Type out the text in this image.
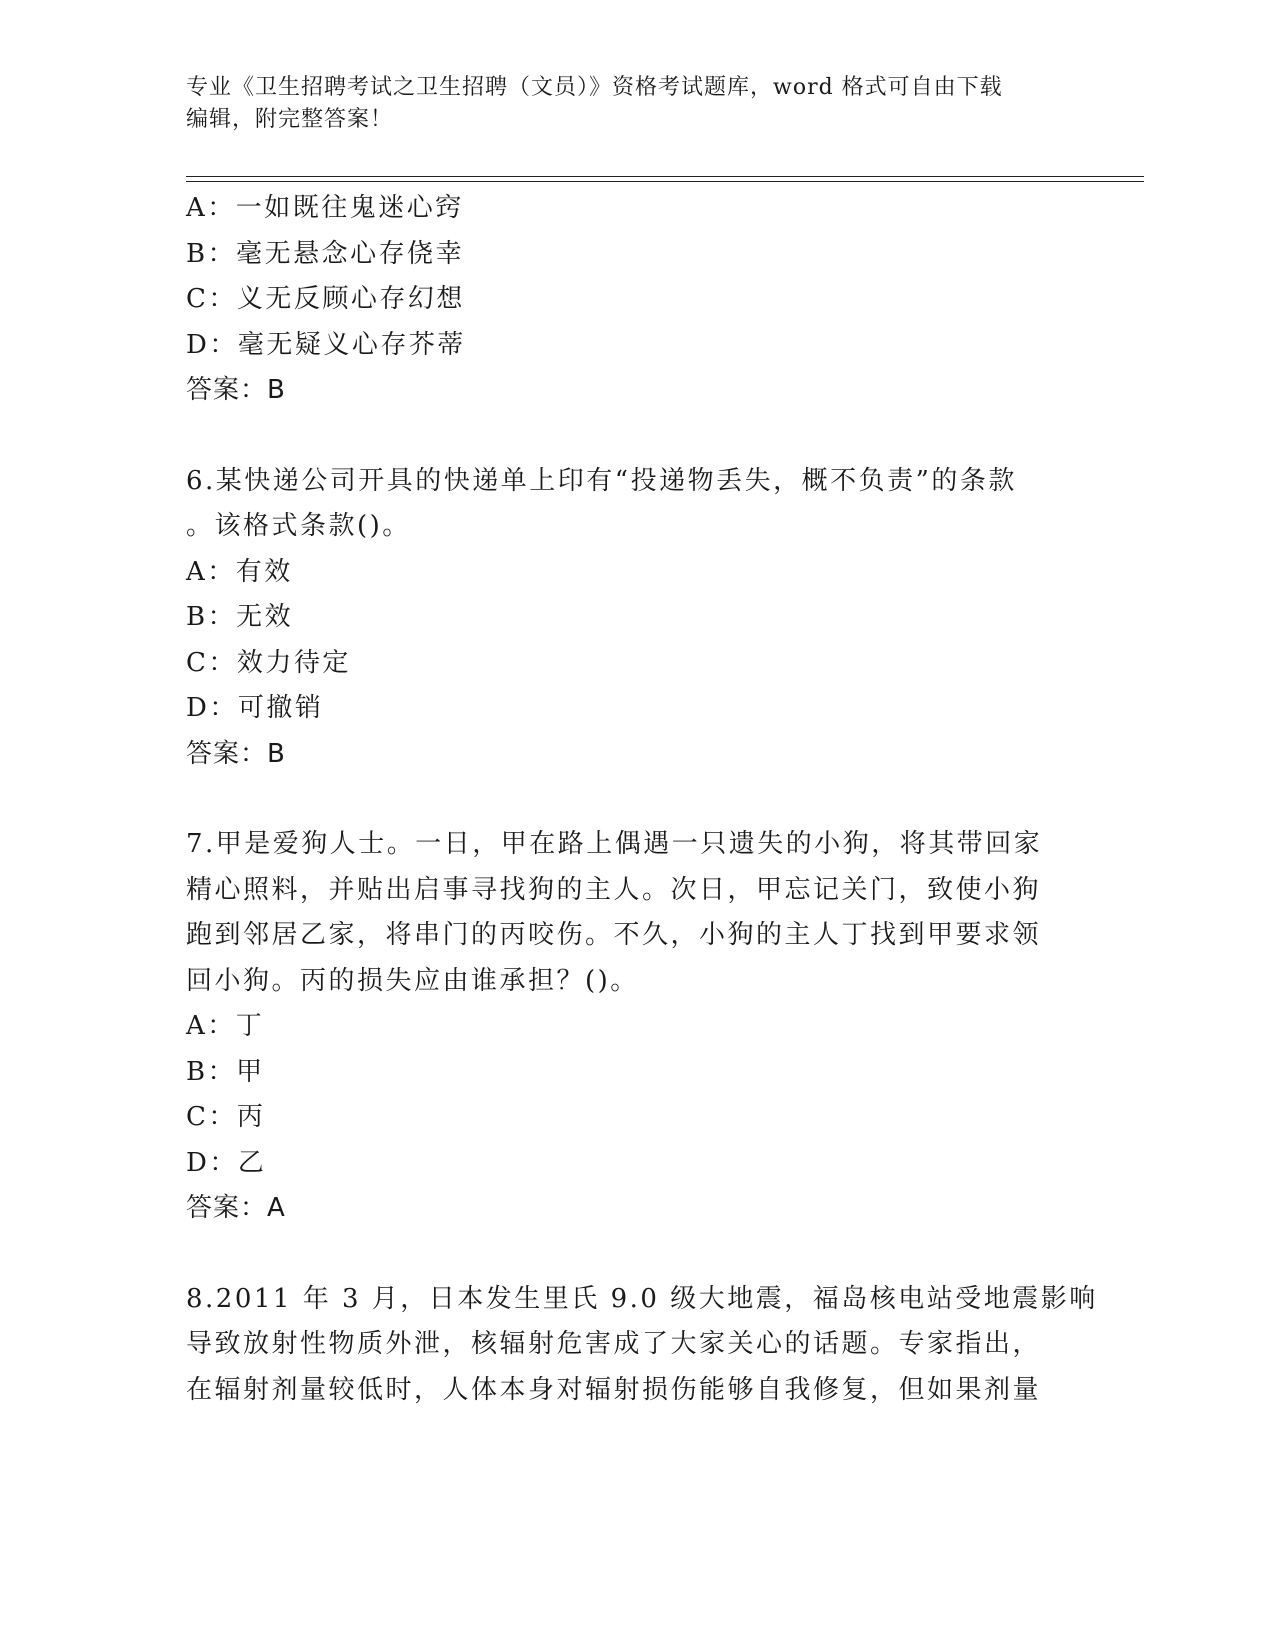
专业《卫生招聘考试之卫生招聘（文员）》资格考试题库，word 格式可自由下载
编辑，附完整答案！
A：一如既往鬼迷心窍
B：毫无悬念心存侥幸
C：义无反顾心存幻想
D：毫无疑义心存芥蒂
答案：B
6.某快递公司开具的快递单上印有“投递物丢失，概不负责”的条款
。该格式条款()。
A：有效
B：无效
C：效力待定
D：可撤销
答案：B
7.甲是爱狗人士。一日，甲在路上偶遇一只遗失的小狗，将其带回家
精心照料，并贴出启事寻找狗的主人。次日，甲忘记关门，致使小狗
跑到邻居乙家，将串门的丙咬伤。不久，小狗的主人丁找到甲要求领
回小狗。丙的损失应由谁承担？()。
A：丁
B：甲
C：丙
D：乙
答案：A
8.2011 年 3 月，日本发生里氏 9.0 级大地震，福岛核电站受地震影响
导致放射性物质外泄，核辐射危害成了大家关心的话题。专家指出，
在辐射剂量较低时，人体本身对辐射损伤能够自我修复，但如果剂量
